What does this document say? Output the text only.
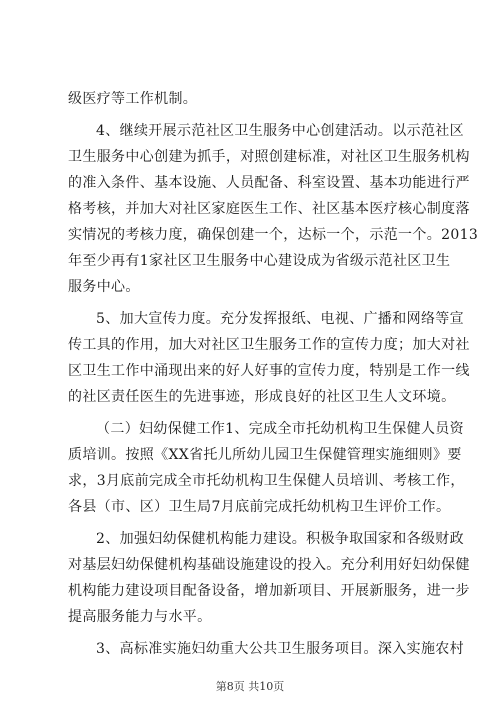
级医疗等工作机制。
4、继续开展示范社区卫生服务中心创建活动。以示范社区
卫生服务中心创建为抓手，对照创建标准，对社区卫生服务机构
的准入条件、基本设施、人员配备、科室设置、基本功能进行严
格考核，并加大对社区家庭医生工作、社区基本医疗核心制度落
实情况的考核力度，确保创建一个，达标一个，示范一个。2013
年至少再有1家社区卫生服务中心建设成为省级示范社区卫生
服务中心。
5、加大宣传力度。充分发挥报纸、电视、广播和网络等宣
传工具的作用，加大对社区卫生服务工作的宣传力度；加大对社
区卫生工作中涌现出来的好人好事的宣传力度，特别是工作一线
的社区责任医生的先进事迹，形成良好的社区卫生人文环境。
（二）妇幼保健工作1、完成全市托幼机构卫生保健人员资
质培训。按照《XX省托儿所幼儿园卫生保健管理实施细则》要
求，3月底前完成全市托幼机构卫生保健人员培训、考核工作，
各县（市、区）卫生局7月底前完成托幼机构卫生评价工作。
2、加强妇幼保健机构能力建设。积极争取国家和各级财政
对基层妇幼保健机构基础设施建设的投入。充分利用好妇幼保健
机构能力建设项目配备设备，增加新项目、开展新服务，进一步
提高服务能力与水平。
3、高标准实施妇幼重大公共卫生服务项目。深入实施农村
第8页 共10页
